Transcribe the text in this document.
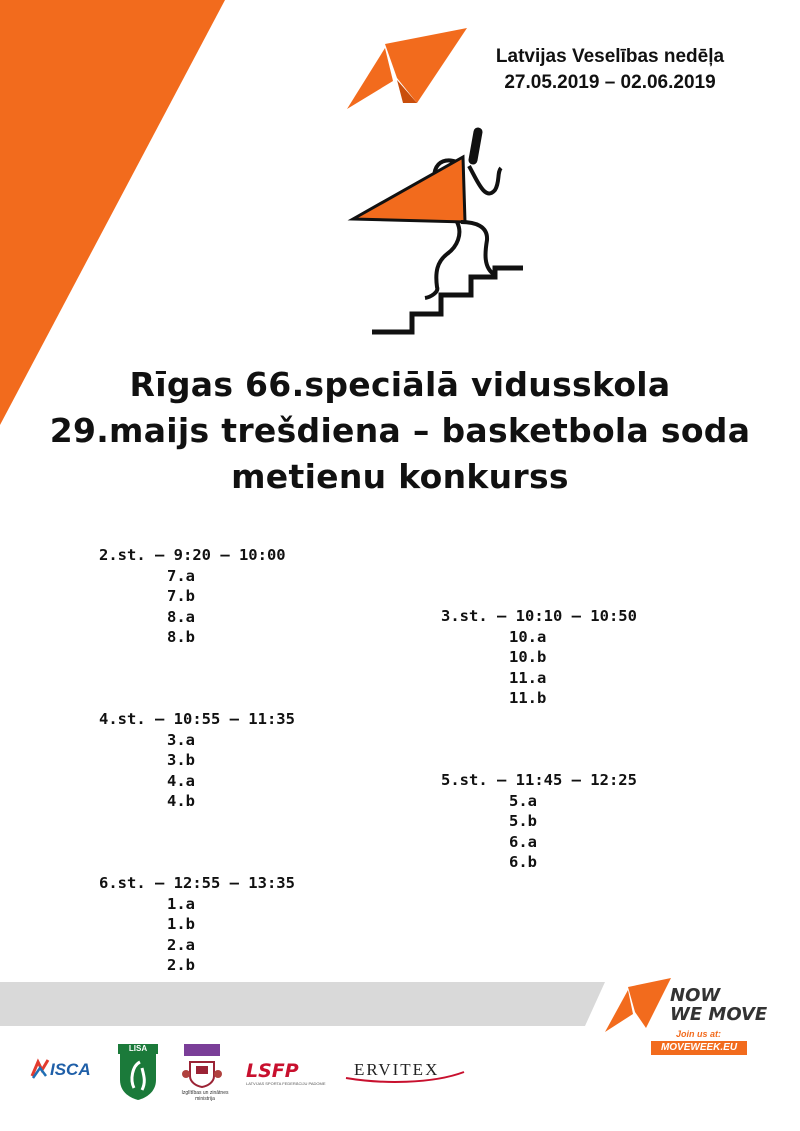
Latvijas Veselības nedēļa
27.05.2019 – 02.06.2019
Rīgas 66.speciālā vidusskola
29.maijs trešdiena – basketbola soda
metienu konkurss
2.st. – 9:20 – 10:00
7.a
7.b
8.a
8.b
3.st. – 10:10 – 10:50
10.a
10.b
11.a
11.b
4.st. – 10:55 – 11:35
3.a
3.b
4.a
4.b
5.st. – 11:45 – 12:25
5.a
5.b
6.a
6.b
6.st. – 12:55 – 13:35
1.a
1.b
2.a
2.b
NOW
WE MOVE
Join us at:
MOVEWEEK.EU
ISCA
LISA
Izglītības un zinātnes ministrija
LSFP
LATVIJAS SPORTA FEDERĀCIJU PADOME
ERVITEX
